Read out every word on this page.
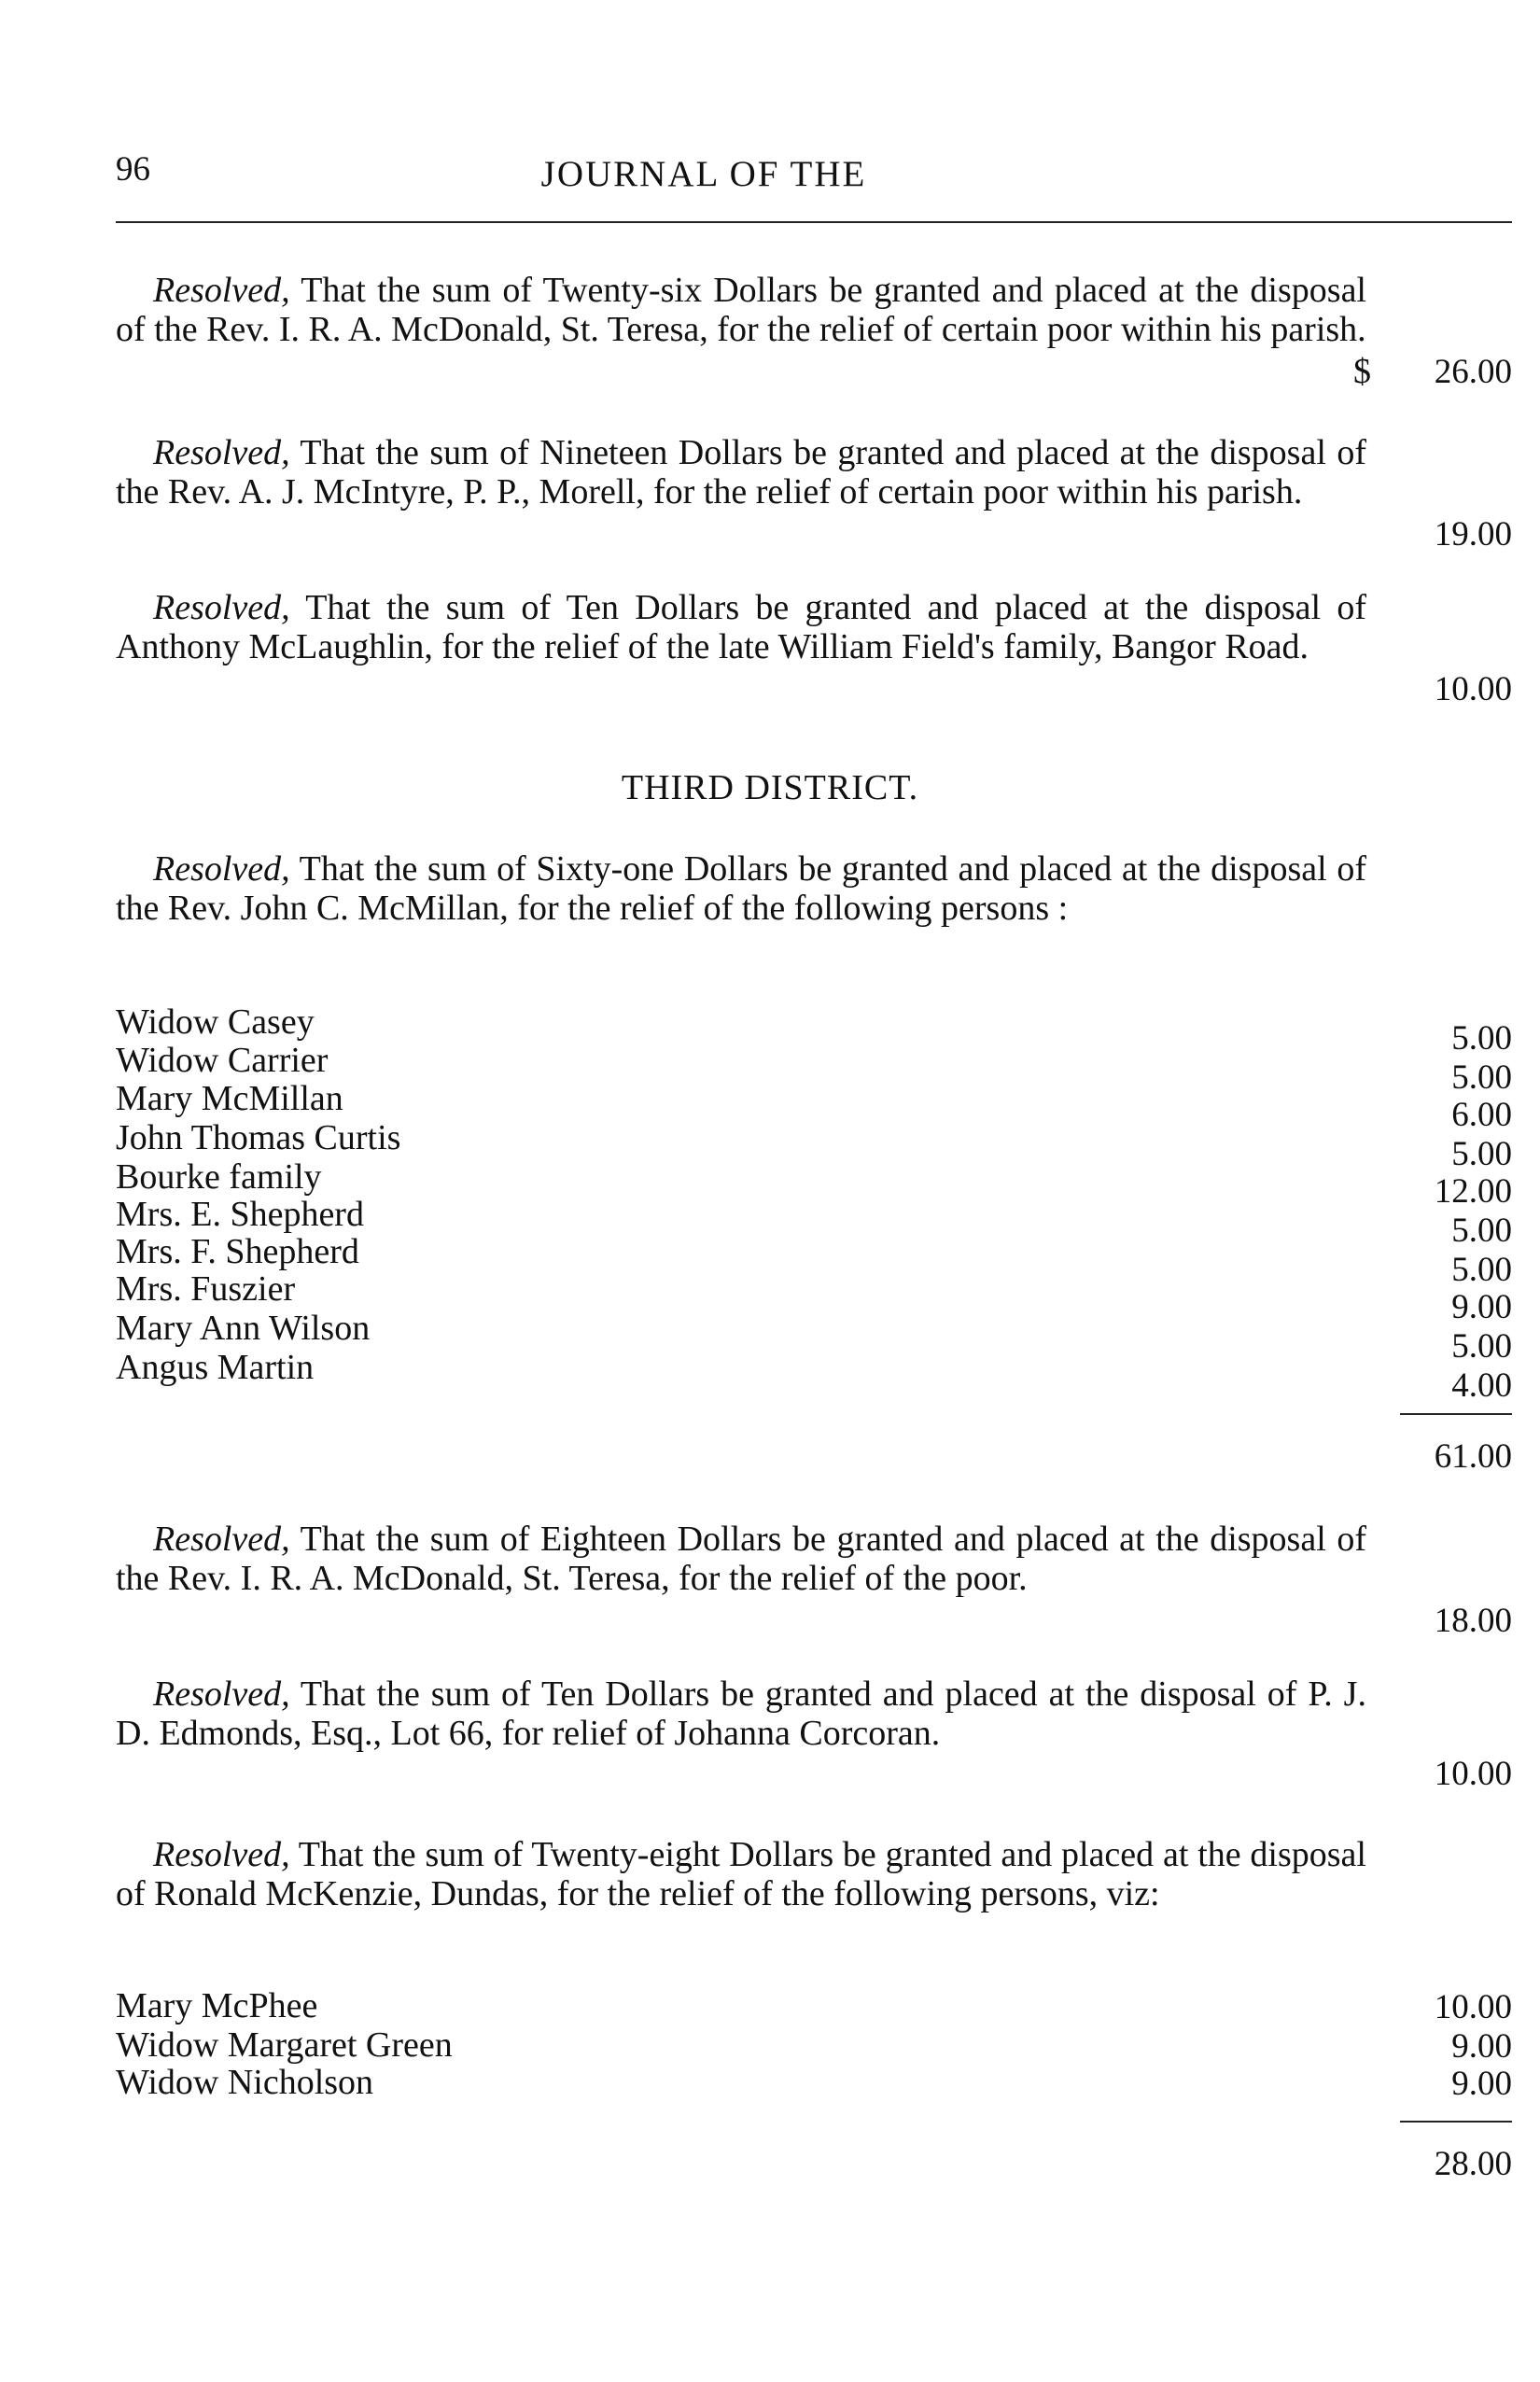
96	JOURNAL OF THE
Resolved, That the sum of Twenty-six Dollars be granted and placed at the disposal of the Rev. I. R. A. McDonald, St. Teresa, for the relief of certain poor within his parish.
$	26.00
Resolved, That the sum of Nineteen Dollars be granted and placed at the disposal of the Rev. A. J. McIntyre, P. P., Morell, for the relief of certain poor within his parish.
19.00
Resolved, That the sum of Ten Dollars be granted and placed at the disposal of Anthony McLaughlin, for the relief of the late William Field's family, Bangor Road.
10.00
THIRD DISTRICT.
Resolved, That the sum of Sixty-one Dollars be granted and placed at the disposal of the Rev. John C. McMillan, for the relief of the following persons :
Widow Casey	5.00
Widow Carrier	5.00
Mary McMillan	6.00
John Thomas Curtis	5.00
Bourke family	12.00
Mrs. E. Shepherd	5.00
Mrs. F. Shepherd	5.00
Mrs. Fuszier	9.00
Mary Ann Wilson	5.00
Angus Martin	4.00
61.00
Resolved, That the sum of Eighteen Dollars be granted and placed at the disposal of the Rev. I. R. A. McDonald, St. Teresa, for the relief of the poor.
18.00
Resolved, That the sum of Ten Dollars be granted and placed at the disposal of P. J. D. Edmonds, Esq., Lot 66, for relief of Johanna Corcoran.
10.00
Resolved, That the sum of Twenty-eight Dollars be granted and placed at the disposal of Ronald McKenzie, Dundas, for the relief of the following persons, viz:
Mary McPhee	10.00
Widow Margaret Green	9.00
Widow Nicholson	9.00
28.00
